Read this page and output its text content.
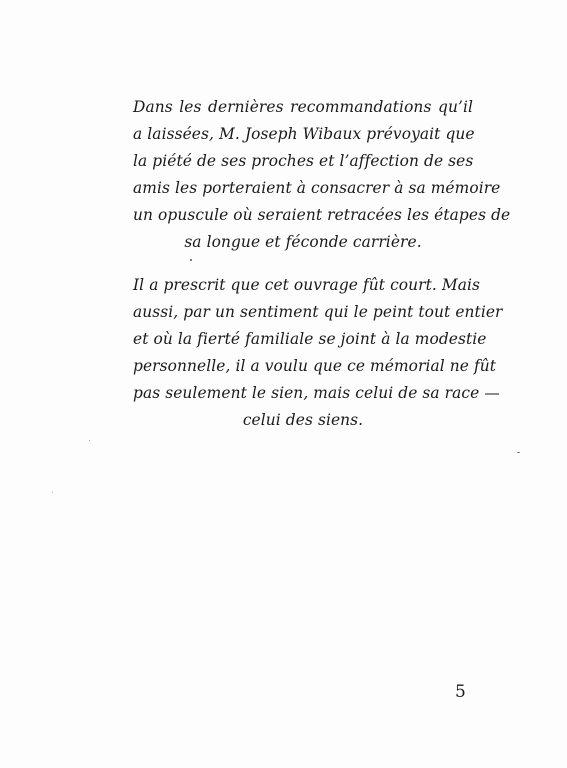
Dans les dernières recommandations qu’il
a laissées, M. Joseph Wibaux prévoyait que
la piété de ses proches et l’affection de ses
amis les porteraient à consacrer à sa mémoire
un opuscule où seraient retracées les étapes de
sa longue et féconde carrière.
Il a prescrit que cet ouvrage fût court. Mais
aussi, par un sentiment qui le peint tout entier
et où la fierté familiale se joint à la modestie
personnelle, il a voulu que ce mémorial ne fût
pas seulement le sien, mais celui de sa race —
celui des siens.
5
